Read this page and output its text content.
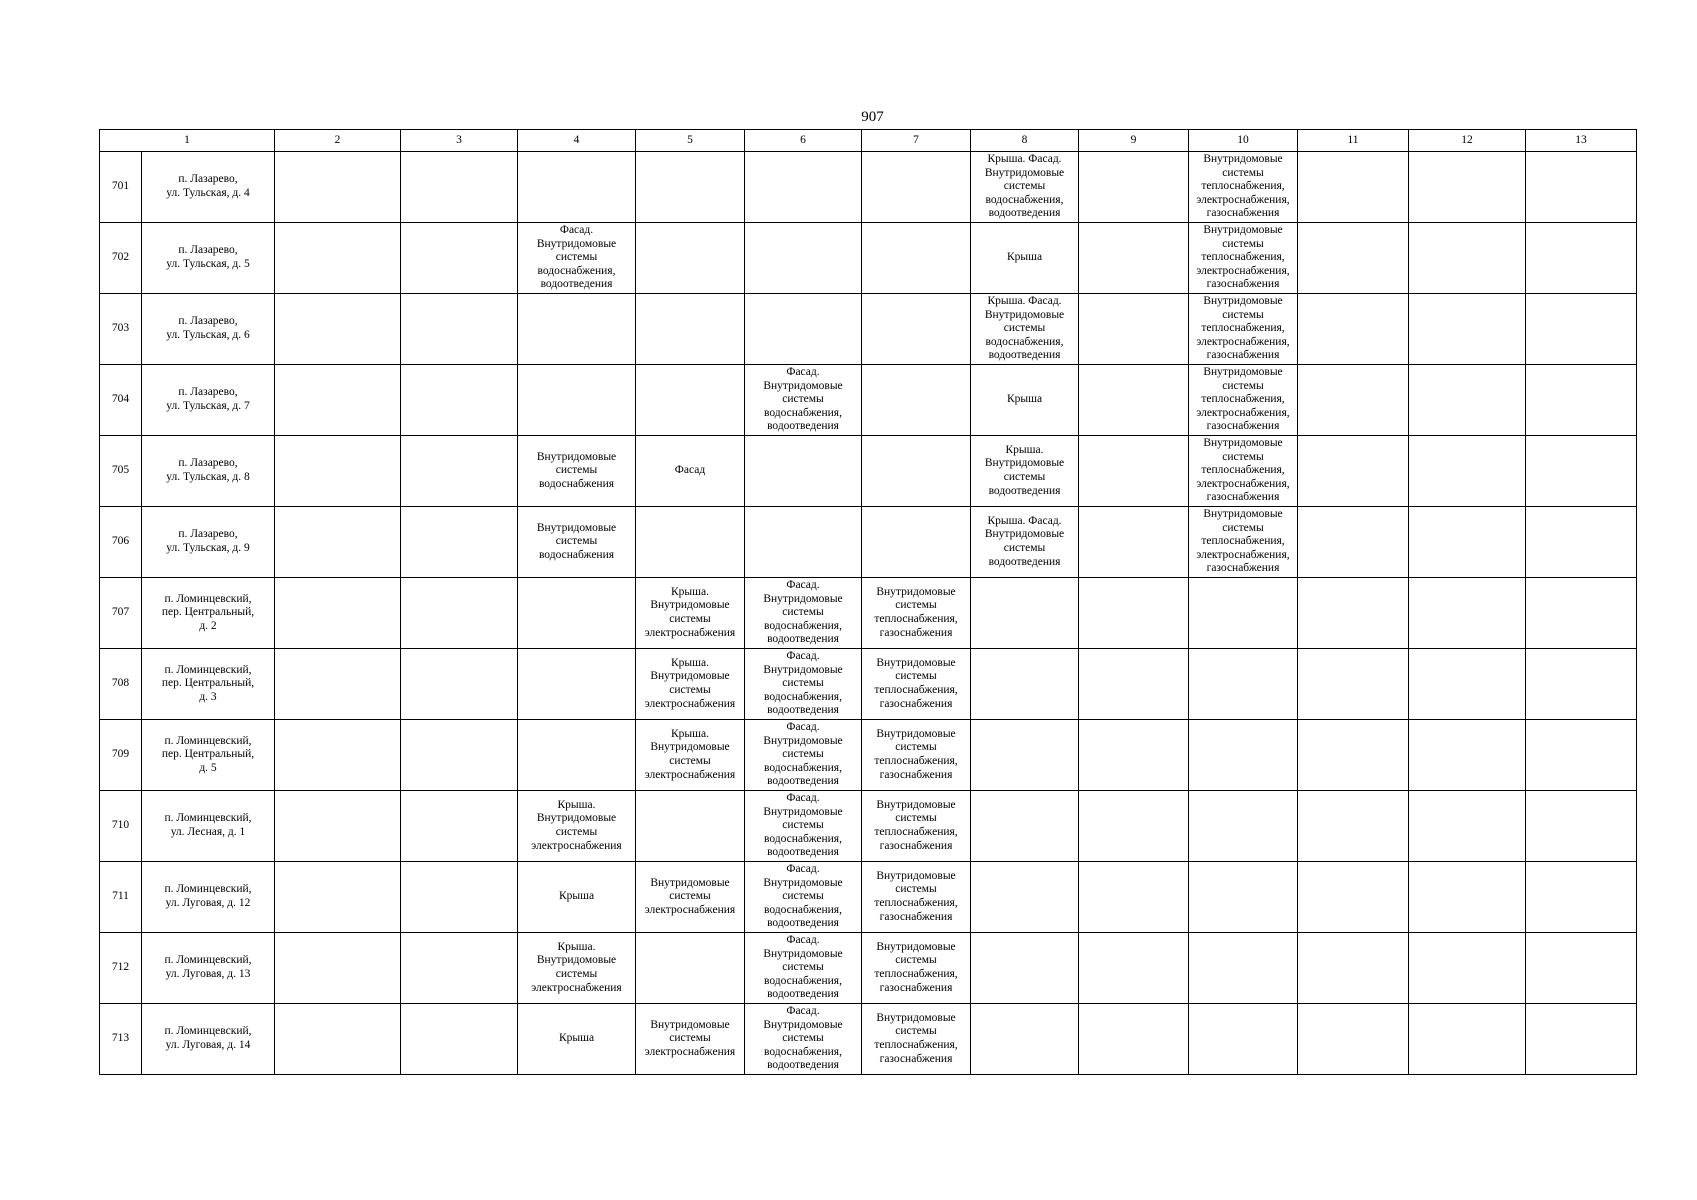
907
1		2	3	4	5	6	7	8	9	10	11	12	13
701	п. Лазарево,
ул. Тульская, д. 4							Крыша. Фасад.
Внутридомовые
системы
водоснабжения,
водоотведения		Внутридомовые
системы
теплоснабжения,
электроснабжения,
газоснабжения			

702	п. Лазарево,
ул. Тульская, д. 5			Фасад.
Внутридомовые
системы
водоснабжения,
водоотведения				Крыша		Внутридомовые
системы
теплоснабжения,
электроснабжения,
газоснабжения			

703	п. Лазарево,
ул. Тульская, д. 6							Крыша. Фасад.
Внутридомовые
системы
водоснабжения,
водоотведения		Внутридомовые
системы
теплоснабжения,
электроснабжения,
газоснабжения			

704	п. Лазарево,
ул. Тульская, д. 7					Фасад.
Внутридомовые
системы
водоснабжения,
водоотведения		Крыша		Внутридомовые
системы
теплоснабжения,
электроснабжения,
газоснабжения			

705	п. Лазарево,
ул. Тульская, д. 8			Внутридомовые
системы
водоснабжения	Фасад			Крыша.
Внутридомовые
системы
водоотведения		Внутридомовые
системы
теплоснабжения,
электроснабжения,
газоснабжения			

706	п. Лазарево,
ул. Тульская, д. 9			Внутридомовые
системы
водоснабжения				Крыша. Фасад.
Внутридомовые
системы
водоотведения		Внутридомовые
системы
теплоснабжения,
электроснабжения,
газоснабжения			

707	п. Ломинцевский,
пер. Центральный,
д. 2				Крыша.
Внутридомовые
системы
электроснабжения	Фасад.
Внутридомовые
системы
водоснабжения,
водоотведения	Внутридомовые
системы
теплоснабжения,
газоснабжения						

708	п. Ломинцевский,
пер. Центральный,
д. 3				Крыша.
Внутридомовые
системы
электроснабжения	Фасад.
Внутридомовые
системы
водоснабжения,
водоотведения	Внутридомовые
системы
теплоснабжения,
газоснабжения						

709	п. Ломинцевский,
пер. Центральный,
д. 5				Крыша.
Внутридомовые
системы
электроснабжения	Фасад.
Внутридомовые
системы
водоснабжения,
водоотведения	Внутридомовые
системы
теплоснабжения,
газоснабжения						

710	п. Ломинцевский,
ул. Лесная, д. 1			Крыша.
Внутридомовые
системы
электроснабжения		Фасад.
Внутридомовые
системы
водоснабжения,
водоотведения	Внутридомовые
системы
теплоснабжения,
газоснабжения						

711	п. Ломинцевский,
ул. Луговая, д. 12			Крыша	Внутридомовые
системы
электроснабжения	Фасад.
Внутридомовые
системы
водоснабжения,
водоотведения	Внутридомовые
системы
теплоснабжения,
газоснабжения						

712	п. Ломинцевский,
ул. Луговая, д. 13			Крыша.
Внутридомовые
системы
электроснабжения		Фасад.
Внутридомовые
системы
водоснабжения,
водоотведения	Внутридомовые
системы
теплоснабжения,
газоснабжения						

713	п. Ломинцевский,
ул. Луговая, д. 14			Крыша	Внутридомовые
системы
электроснабжения	Фасад.
Внутридомовые
системы
водоснабжения,
водоотведения	Внутридомовые
системы
теплоснабжения,
газоснабжения						
